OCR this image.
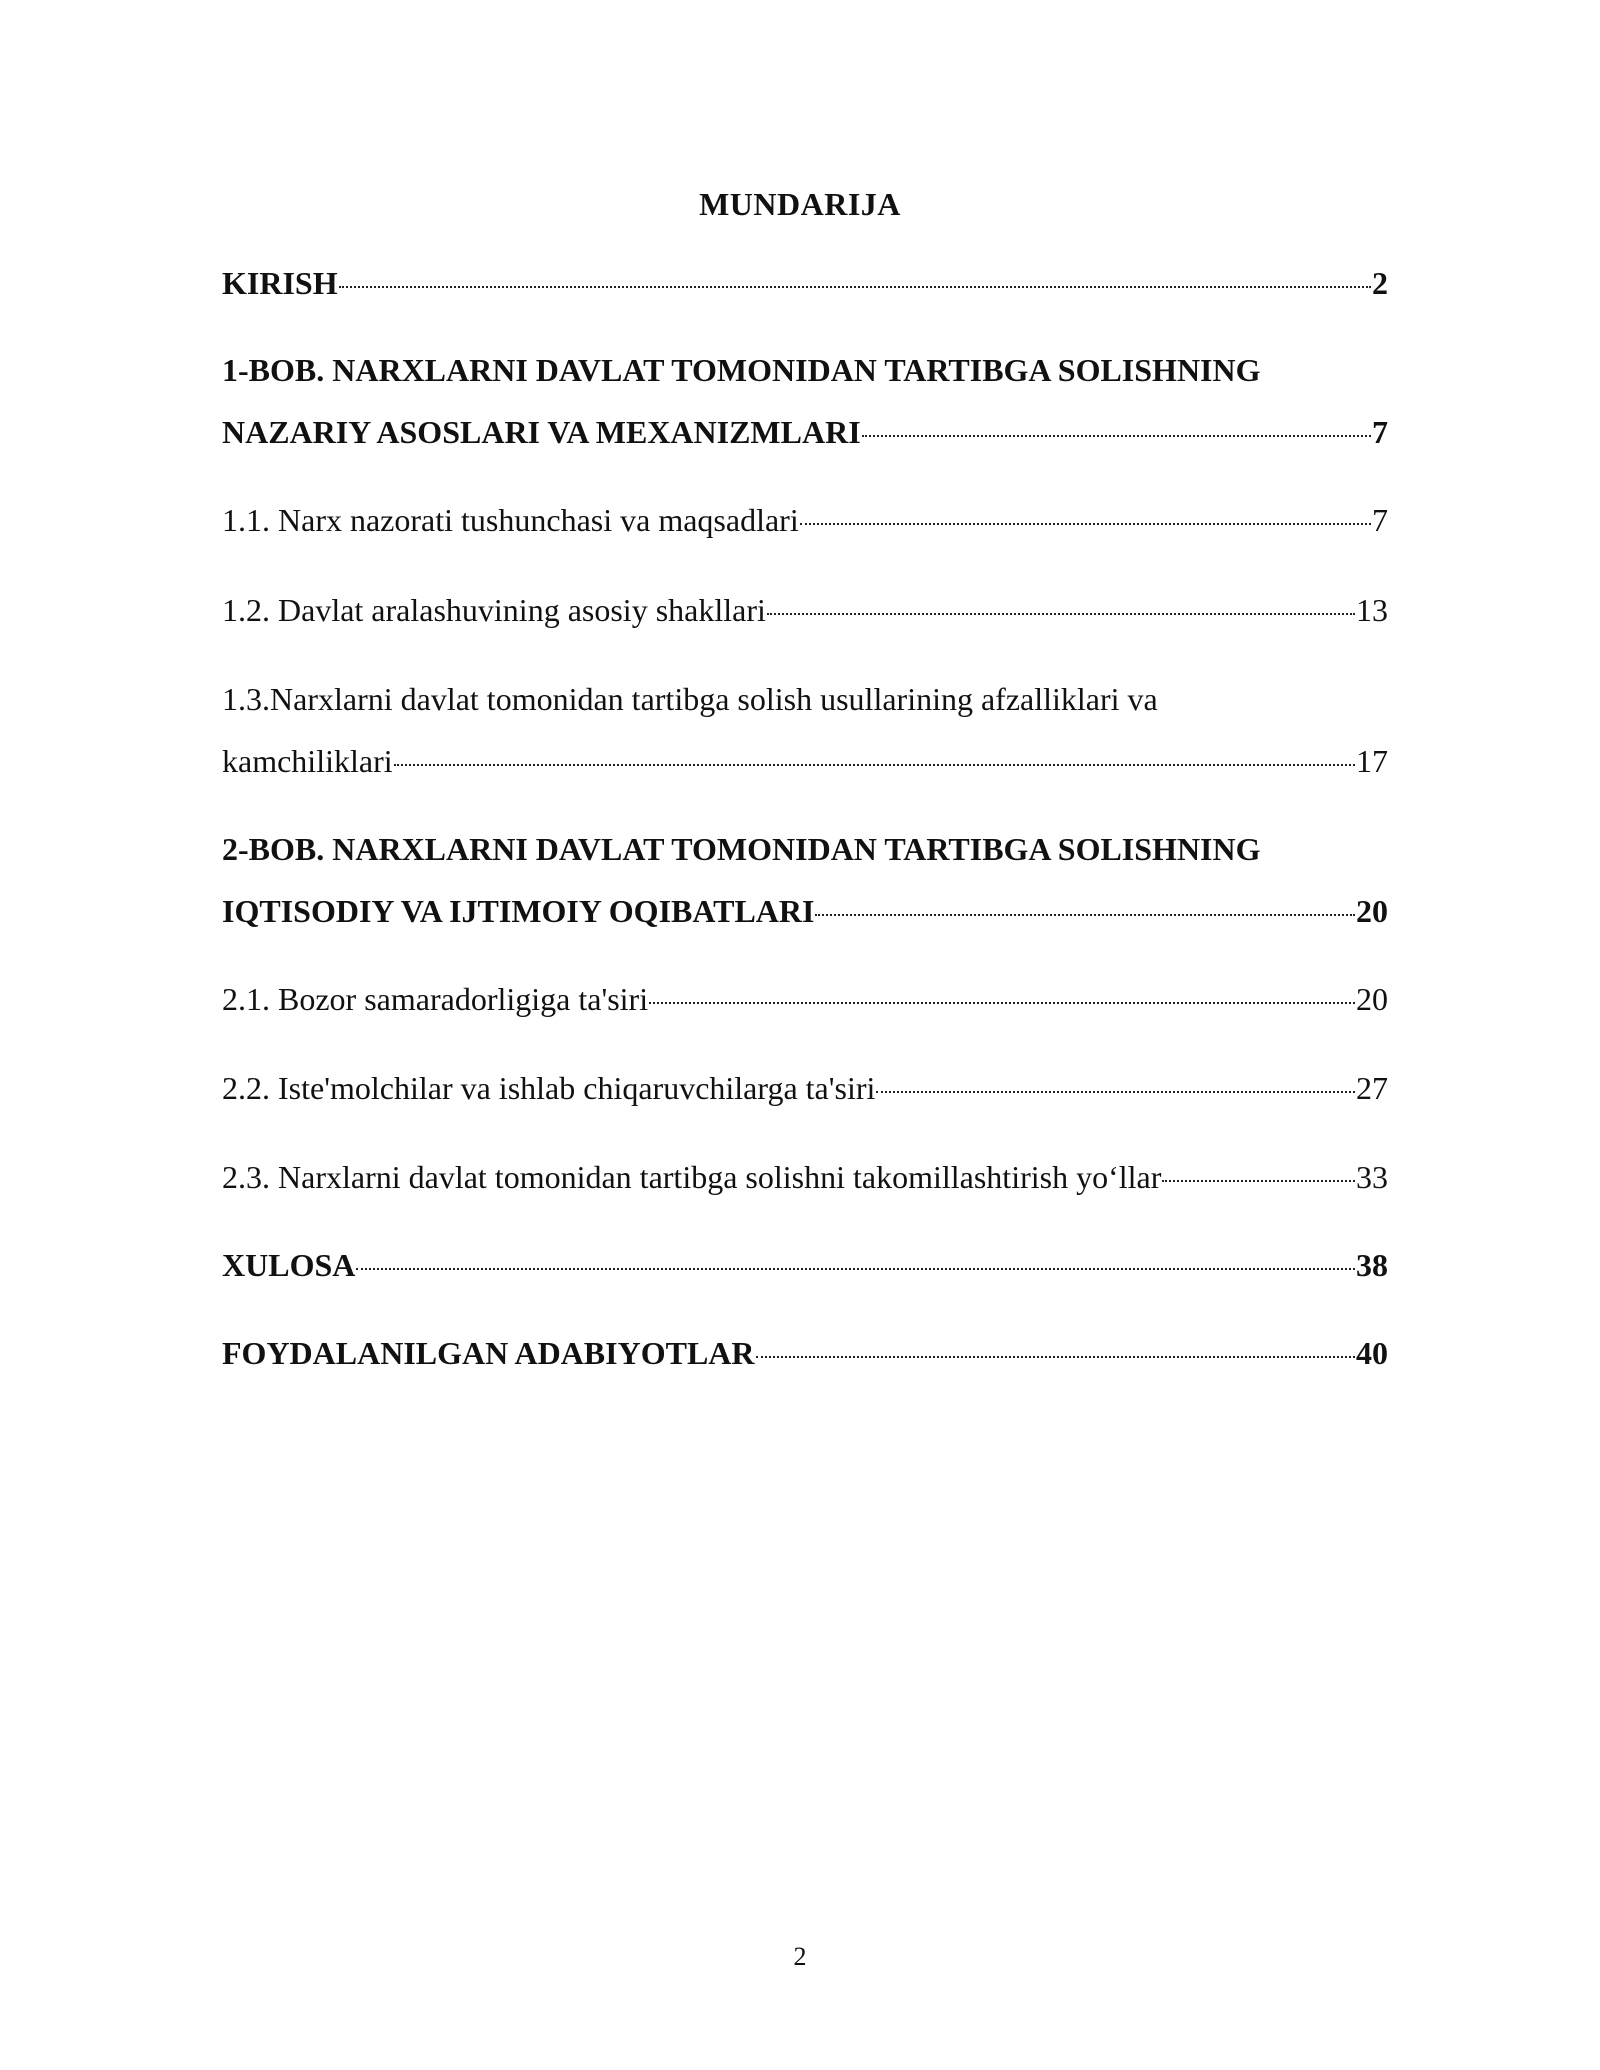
MUNDARIJA
KIRISH	2
1-BOB. NARXLARNI DAVLAT TOMONIDAN TARTIBGA SOLISHNING
NAZARIY ASOSLARI VA MEXANIZMLARI	7
1.1. Narx nazorati tushunchasi va maqsadlari	7
1.2. Davlat aralashuvining asosiy shakllari	13
1.3.Narxlarni davlat tomonidan tartibga solish usullarining afzalliklari va
kamchiliklari	17
2-BOB. NARXLARNI DAVLAT TOMONIDAN TARTIBGA SOLISHNING
IQTISODIY VA IJTIMOIY OQIBATLARI	20
2.1. Bozor samaradorligiga ta'siri	20
2.2. Iste'molchilar va ishlab chiqaruvchilarga ta'siri	27
2.3. Narxlarni davlat tomonidan tartibga solishni takomillashtirish yo‘llar	33
XULOSA	38
FOYDALANILGAN ADABIYOTLAR	40
2
